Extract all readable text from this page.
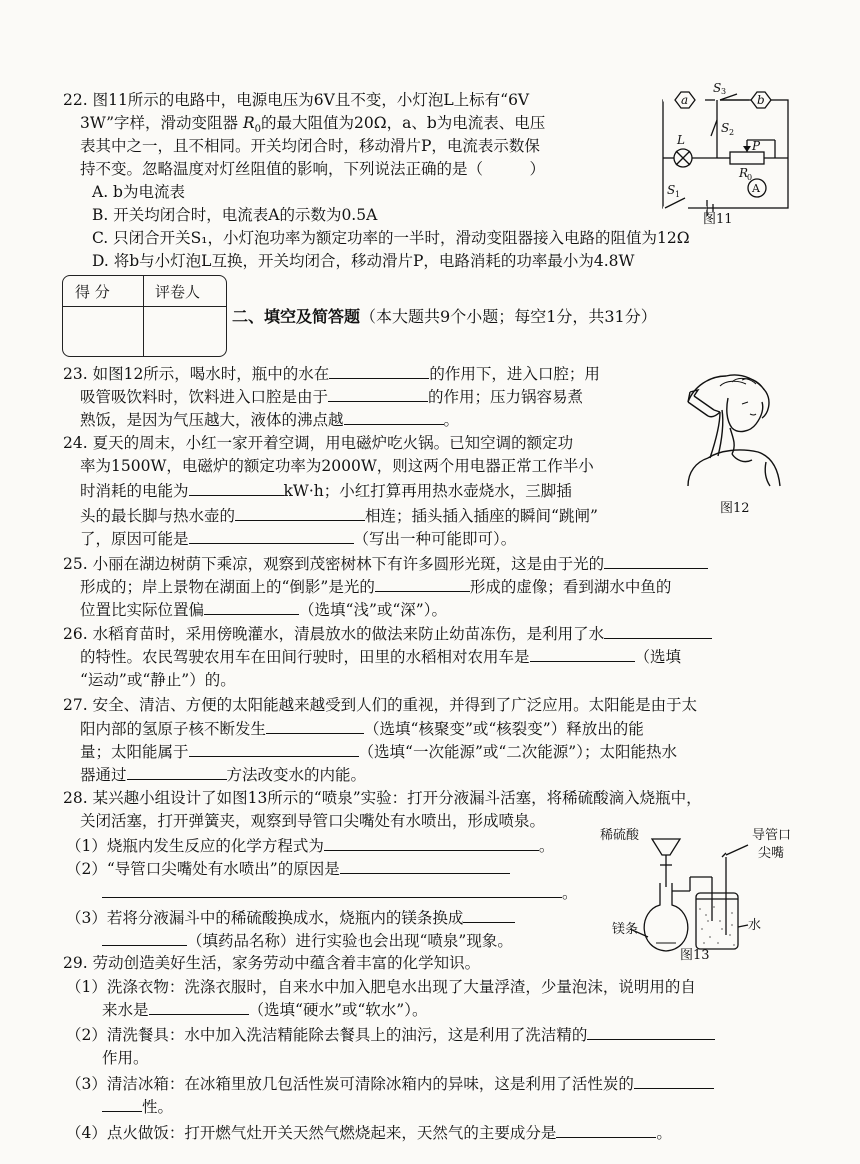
22. 图11所示的电路中，电源电压为6V且不变，小灯泡L上标有“6V
3W”字样，滑动变阻器 $R_0$的最大阻值为20Ω，a、b为电流表、电压
表其中之一，且不相同。开关均闭合时，移动滑片P，电流表示数保
持不变。忽略温度对灯丝阻值的影响，下列说法正确的是（　　　）
A. b为电流表
B. 开关均闭合时，电流表A的示数为0.5A
C. 只闭合开关S₁，小灯泡功率为额定功率的一半时，滑动变阻器接入电路的阻值为12Ω
D. 将b与小灯泡L互换，开关均闭合，移动滑片P，电路消耗的功率最小为4.8W
a	b
S 3
S 2
L	P
R
0
S 1	A
图11
得 分	评卷人
二、填空及简答题（本大题共9个小题；每空1分，共31分）
23. 如图12所示，喝水时，瓶中的水在	的作用下，进入口腔；用
吸管吸饮料时，饮料进入口腔是由于	的作用；压力锅容易煮
熟饭，是因为气压越大，液体的沸点越	。
图12
24. 夏天的周末，小红一家开着空调，用电磁炉吃火锅。已知空调的额定功
率为1500W，电磁炉的额定功率为2000W，则这两个用电器正常工作半小
时消耗的电能为	kW·h；小红打算再用热水壶烧水，三脚插
头的最长脚与热水壶的	相连；插头插入插座的瞬间“跳闸”
了，原因可能是	（写出一种可能即可）。
25. 小丽在湖边树荫下乘凉，观察到茂密树林下有许多圆形光斑，这是由于光的
形成的；岸上景物在湖面上的“倒影”是光的	形成的虚像；看到湖水中鱼的
位置比实际位置偏	（选填“浅”或“深”）。
26. 水稻育苗时，采用傍晚灌水，清晨放水的做法来防止幼苗冻伤，是利用了水
的特性。农民驾驶农用车在田间行驶时，田里的水稻相对农用车是	（选填
“运动”或“静止”）的。
27. 安全、清洁、方便的太阳能越来越受到人们的重视，并得到了广泛应用。太阳能是由于太
阳内部的氢原子核不断发生	（选填“核聚变”或“核裂变”）释放出的能
量；太阳能属于	（选填“一次能源”或“二次能源”）；太阳能热水
器通过	方法改变水的内能。
28. 某兴趣小组设计了如图13所示的“喷泉”实验：打开分液漏斗活塞，将稀硫酸滴入烧瓶中，
关闭活塞，打开弹簧夹，观察到导管口尖嘴处有水喷出，形成喷泉。
（1）烧瓶内发生反应的化学方程式为	。
（2）“导管口尖嘴处有水喷出”的原因是
。
（3）若将分液漏斗中的稀硫酸换成水，烧瓶内的镁条换成
（填药品名称）进行实验也会出现“喷泉”现象。
稀硫酸	导管口
尖嘴
镁条	水
图13
29. 劳动创造美好生活，家务劳动中蕴含着丰富的化学知识。
（1）洗涤衣物：洗涤衣服时，自来水中加入肥皂水出现了大量浮渣，少量泡沫，说明用的自
来水是	（选填“硬水”或“软水”）。
（2）清洗餐具：水中加入洗洁精能除去餐具上的油污，这是利用了洗洁精的
作用。
（3）清洁冰箱：在冰箱里放几包活性炭可清除冰箱内的异味，这是利用了活性炭的
性。
（4）点火做饭：打开燃气灶开关天然气燃烧起来，天然气的主要成分是	。
